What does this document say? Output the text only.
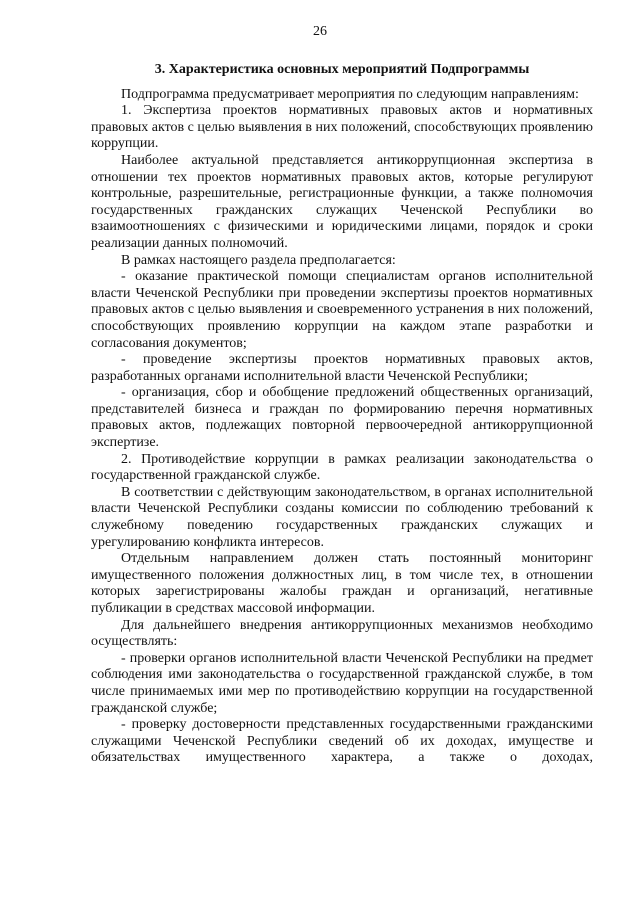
26
3. Характеристика основных мероприятий Подпрограммы

Подпрограмма предусматривает мероприятия по следующим направлениям:

1. Экспертиза проектов нормативных правовых актов и нормативных правовых актов с целью выявления в них положений, способствующих проявлению коррупции.

Наиболее актуальной представляется антикоррупционная экспертиза в отношении тех проектов нормативных правовых актов, которые регулируют контрольные, разрешительные, регистрационные функции, а также полномочия государственных гражданских служащих Чеченской Республики во взаимоотношениях с физическими и юридическими лицами, порядок и сроки реализации данных полномочий.

В рамках настоящего раздела предполагается:

- оказание практической помощи специалистам органов исполнительной власти Чеченской Республики при проведении экспертизы проектов нормативных правовых актов с целью выявления и своевременного устранения в них положений, способствующих проявлению коррупции на каждом этапе разработки и согласования документов;

- проведение экспертизы проектов нормативных правовых актов, разработанных органами исполнительной власти Чеченской Республики;

- организация, сбор и обобщение предложений общественных организаций, представителей бизнеса и граждан по формированию перечня нормативных правовых актов, подлежащих повторной первоочередной антикоррупционной экспертизе.

2. Противодействие коррупции в рамках реализации законодательства о государственной гражданской службе.

В соответствии с действующим законодательством, в органах исполнительной власти Чеченской Республики созданы комиссии по соблюдению требований к служебному поведению государственных гражданских служащих и урегулированию конфликта интересов.

Отдельным направлением должен стать постоянный мониторинг имущественного положения должностных лиц, в том числе тех, в отношении которых зарегистрированы жалобы граждан и организаций, негативные публикации в средствах массовой информации.

Для дальнейшего внедрения антикоррупционных механизмов необходимо осуществлять:

- проверки органов исполнительной власти Чеченской Республики на предмет соблюдения ими законодательства о государственной гражданской службе, в том числе принимаемых ими мер по противодействию коррупции на государственной гражданской службе;

- проверку достоверности представленных государственными гражданскими служащими Чеченской Республики сведений об их доходах, имуществе и обязательствах имущественного характера, а также о доходах,
